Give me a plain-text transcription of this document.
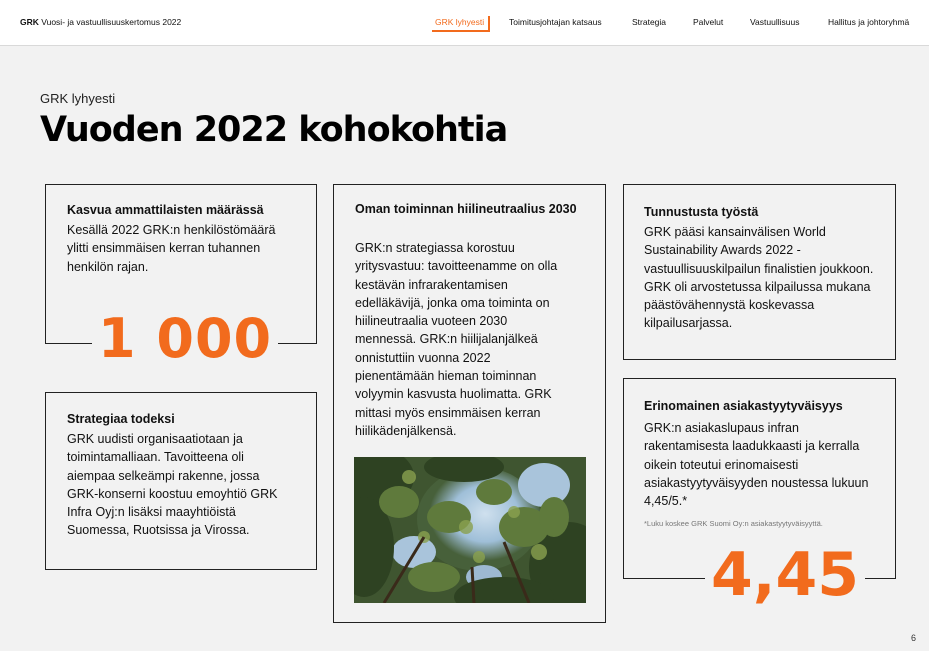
GRK Vuosi- ja vastuullisuuskertomus 2022	GRK lyhyesti	Toimitusjohtajan katsaus	Strategia	Palvelut	Vastuullisuus	Hallitus ja johtoryhmä
GRK lyhyesti
Vuoden 2022 kohokohtia
Kasvua ammattilaisten määrässä
Kesällä 2022 GRK:n henkilöstömäärä ylitti ensimmäisen kerran tuhannen henkilön rajan.
1 000
Strategiaa todeksi
GRK uudisti organisaatiotaan ja toimintamalliaan. Tavoitteena oli aiempaa selkeämpi rakenne, jossa GRK-konserni koostuu emoyhtiö GRK Infra Oyj:n lisäksi maayhtiöistä Suomessa, Ruotsissa ja Virossa.
Oman toiminnan hiilineutraalius 2030
GRK:n strategiassa korostuu yritysvastuu: tavoitteenamme on olla kestävän infrarakentamisen edelläkävijä, jonka oma toiminta on hiilineutraalia vuoteen 2030 mennessä. GRK:n hiilijalanjälkeä onnistuttiin vuonna 2022 pienentämään hieman toiminnan volyymin kasvusta huolimatta. GRK mittasi myös ensimmäisen kerran hiilikädenjälkensä.
Tunnustusta työstä
GRK pääsi kansainvälisen World Sustainability Awards 2022 -vastuullisuuskilpailun finalistien joukkoon. GRK oli arvostetussa kilpailussa mukana päästövähennystä koskevassa kilpailusarjassa.
Erinomainen asiakastyytyväisyys
GRK:n asiakaslupaus infran rakentamisesta laadukkaasti ja kerralla oikein toteutui erinomaisesti asiakastyytyväisyyden noustessa lukuun 4,45/5.*
*Luku koskee GRK Suomi Oy:n asiakastyytyväisyyttä.
4,45
6
